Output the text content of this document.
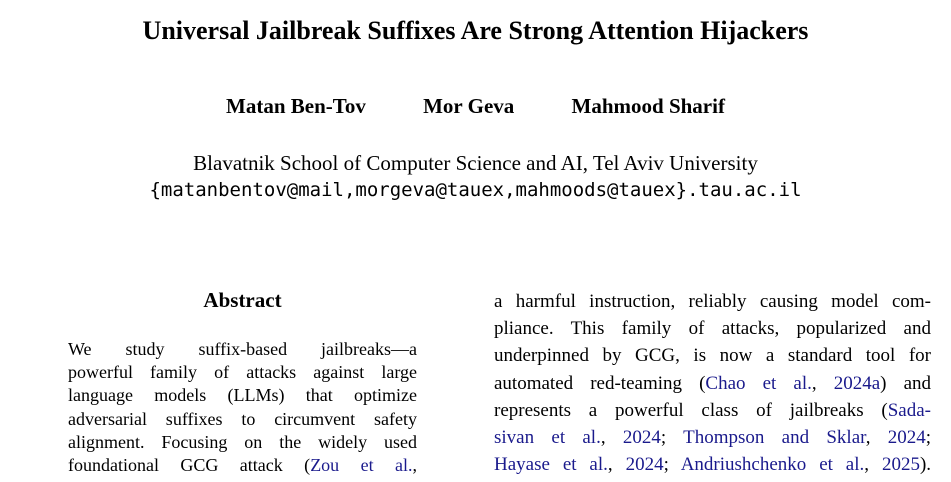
Universal Jailbreak Suffixes Are Strong Attention Hijackers
Matan Ben-Tov	Mor Geva	Mahmood Sharif
Blavatnik School of Computer Science and AI, Tel Aviv University
{matanbentov@mail,morgeva@tauex,mahmoods@tauex}.tau.ac.il
Abstract
We study suffix-based jailbreaks—a
powerful family of attacks against large
language models (LLMs) that optimize
adversarial suffixes to circumvent safety
alignment. Focusing on the widely used
foundational GCG attack (Zou et al.,
a harmful instruction, reliably causing model com-
pliance. This family of attacks, popularized and
underpinned by GCG, is now a standard tool for
automated red-teaming (Chao et al., 2024a) and
represents a powerful class of jailbreaks (Sada-
sivan et al., 2024; Thompson and Sklar, 2024;
Hayase et al., 2024; Andriushchenko et al., 2025).
